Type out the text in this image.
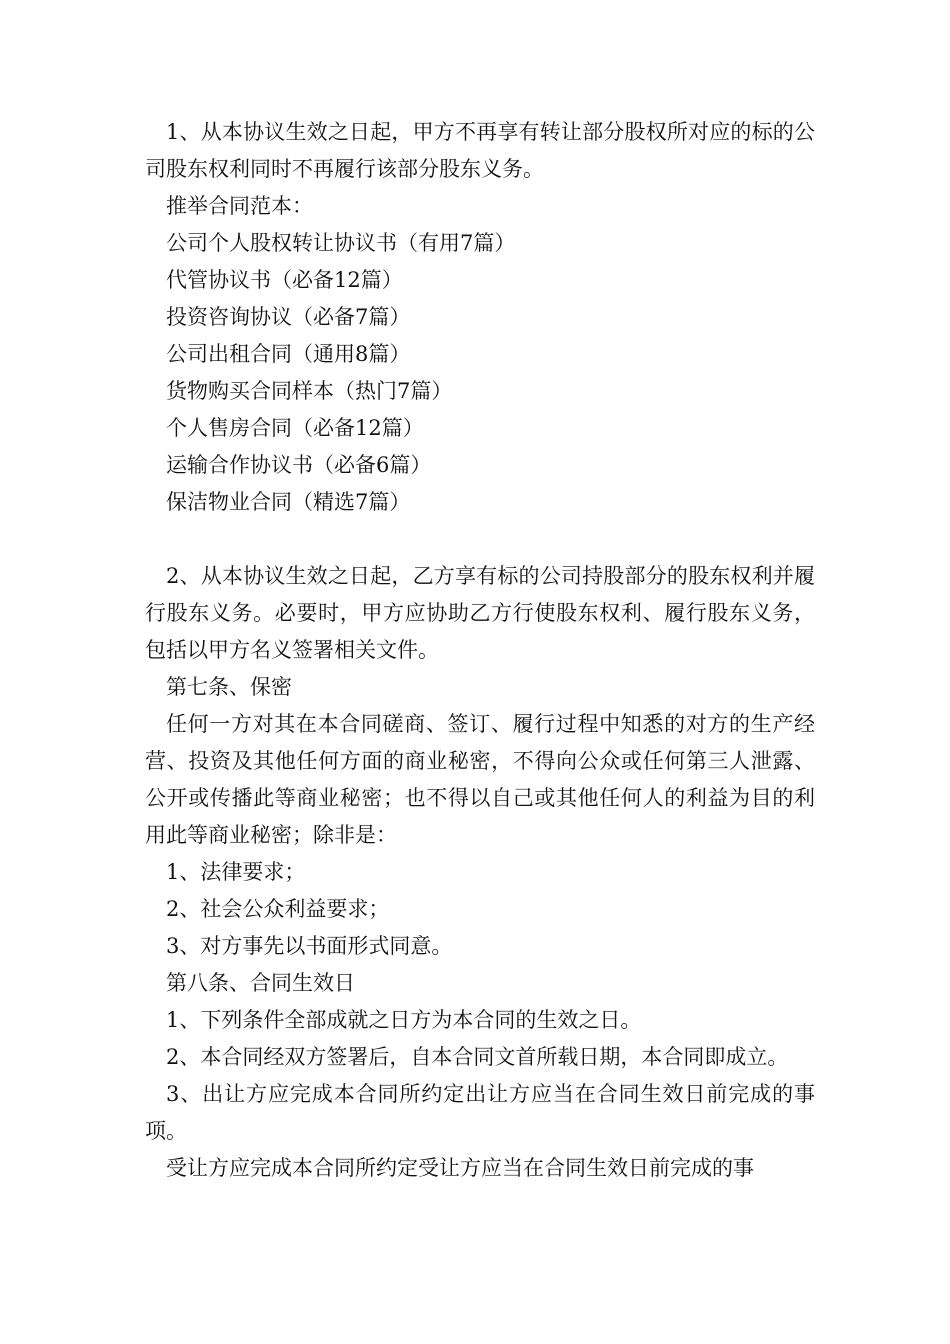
1、从本协议生效之日起，甲方不再享有转让部分股权所对应的标的公司股东权利同时不再履行该部分股东义务。

推举合同范本：

公司个人股权转让协议书（有用7篇）

代管协议书（必备12篇）

投资咨询协议（必备7篇）

公司出租合同（通用8篇）

货物购买合同样本（热门7篇）

个人售房合同（必备12篇）

运输合作协议书（必备6篇）

保洁物业合同（精选7篇）

2、从本协议生效之日起，乙方享有标的公司持股部分的股东权利并履行股东义务。必要时，甲方应协助乙方行使股东权利、履行股东义务，包括以甲方名义签署相关文件。

第七条、保密

任何一方对其在本合同磋商、签订、履行过程中知悉的对方的生产经营、投资及其他任何方面的商业秘密，不得向公众或任何第三人泄露、公开或传播此等商业秘密；也不得以自己或其他任何人的利益为目的利用此等商业秘密；除非是：

1、法律要求；

2、社会公众利益要求；

3、对方事先以书面形式同意。

第八条、合同生效日

1、下列条件全部成就之日方为本合同的生效之日。

2、本合同经双方签署后，自本合同文首所载日期，本合同即成立。

3、出让方应完成本合同所约定出让方应当在合同生效日前完成的事项。

受让方应完成本合同所约定受让方应当在合同生效日前完成的事
